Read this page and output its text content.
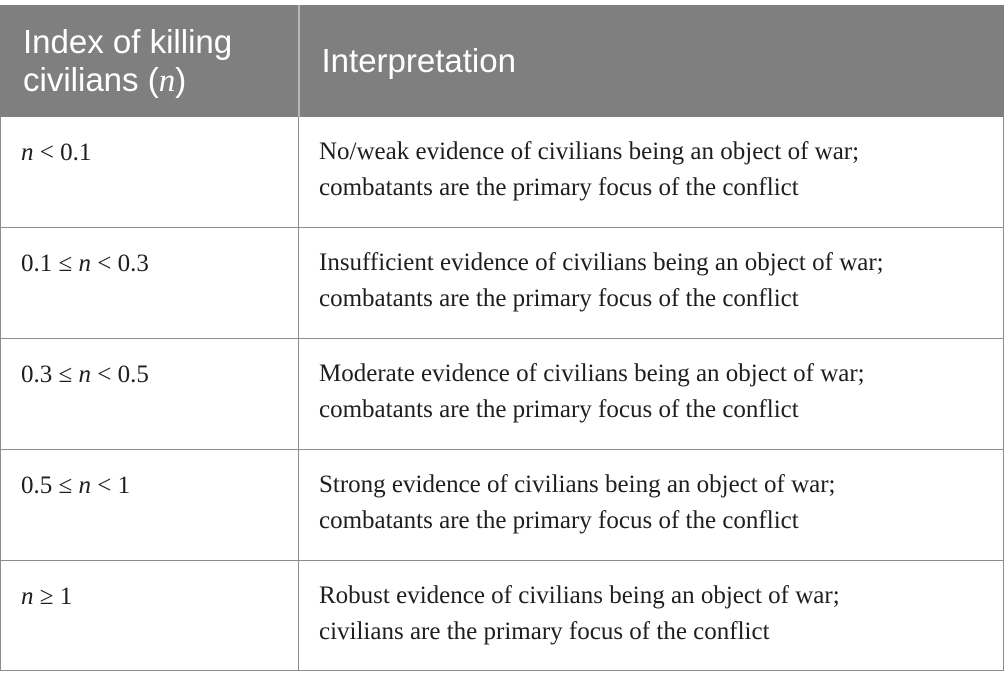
Index of killing civilians (n)	Interpretation
n < 0.1	No/weak evidence of civilians being an object of war;
combatants are the primary focus of the conflict

0.1 ≤ n < 0.3	Insufficient evidence of civilians being an object of war;
combatants are the primary focus of the conflict

0.3 ≤ n < 0.5	Moderate evidence of civilians being an object of war;
combatants are the primary focus of the conflict

0.5 ≤ n < 1	Strong evidence of civilians being an object of war;
combatants are the primary focus of the conflict

n ≥ 1	Robust evidence of civilians being an object of war;
civilians are the primary focus of the conflict
